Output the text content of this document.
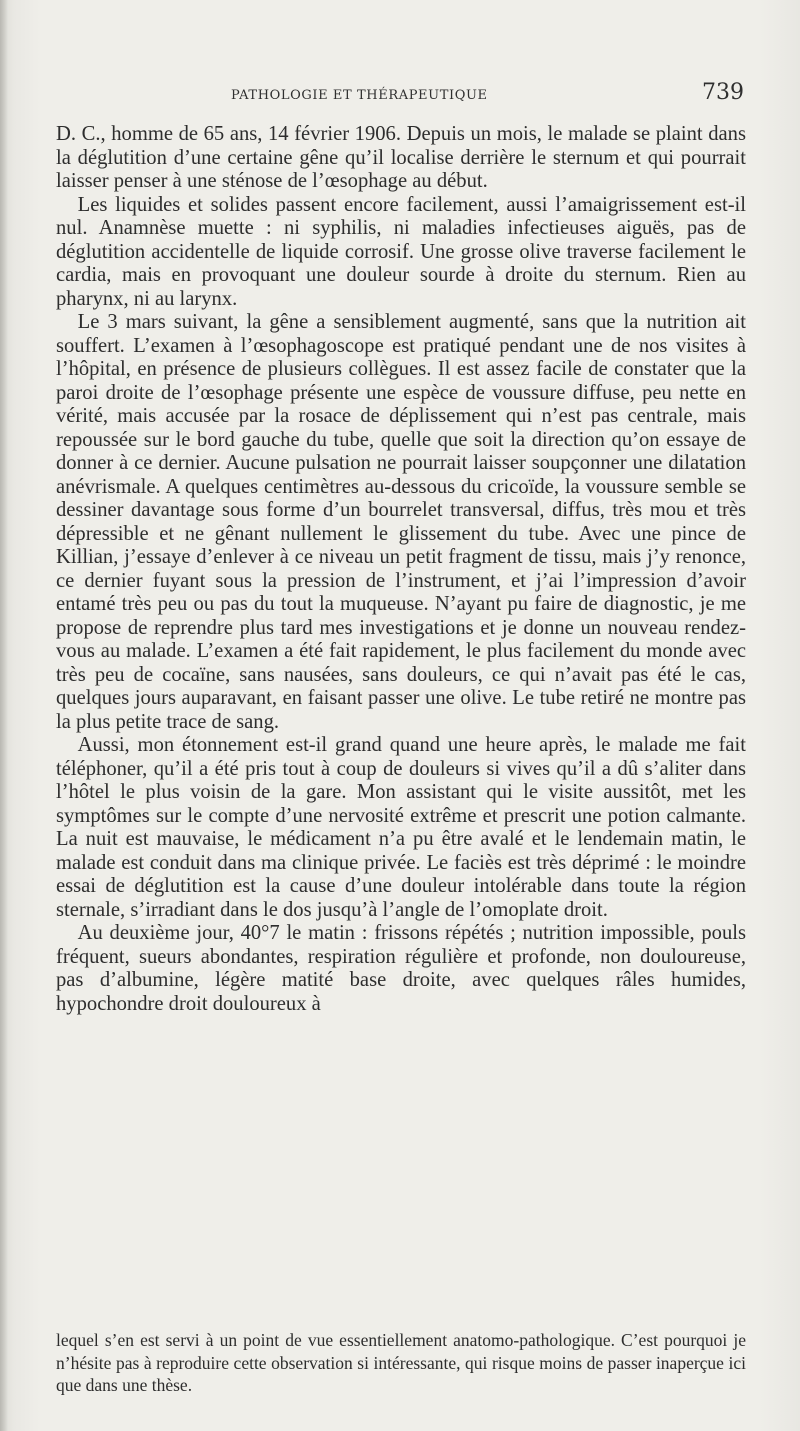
PATHOLOGIE ET THÉRAPEUTIQUE	739

D. C., homme de 65 ans, 14 février 1906. Depuis un mois, le malade se plaint dans la déglutition d’une certaine gêne qu’il localise derrière le sternum et qui pourrait laisser penser à une sténose de l’œsophage au début.

Les liquides et solides passent encore facilement, aussi l’amaigrissement est-il nul. Anamnèse muette : ni syphilis, ni maladies infectieuses aiguës, pas de déglutition accidentelle de liquide corrosif. Une grosse olive traverse facilement le cardia, mais en provoquant une douleur sourde à droite du sternum. Rien au pharynx, ni au larynx.

Le 3 mars suivant, la gêne a sensiblement augmenté, sans que la nutrition ait souffert. L’examen à l’œsophagoscope est pratiqué pendant une de nos visites à l’hôpital, en présence de plusieurs collègues. Il est assez facile de constater que la paroi droite de l’œsophage présente une espèce de voussure diffuse, peu nette en vérité, mais accusée par la rosace de déplissement qui n’est pas centrale, mais repoussée sur le bord gauche du tube, quelle que soit la direction qu’on essaye de donner à ce dernier. Aucune pulsation ne pourrait laisser soupçonner une dilatation anévrismale. A quelques centimètres au-dessous du cricoïde, la voussure semble se dessiner davantage sous forme d’un bourrelet transversal, diffus, très mou et très dépressible et ne gênant nullement le glissement du tube. Avec une pince de Killian, j’essaye d’enlever à ce niveau un petit fragment de tissu, mais j’y renonce, ce dernier fuyant sous la pression de l’instrument, et j’ai l’impression d’avoir entamé très peu ou pas du tout la muqueuse. N’ayant pu faire de diagnostic, je me propose de reprendre plus tard mes investigations et je donne un nouveau rendez-vous au malade. L’examen a été fait rapidement, le plus facilement du monde avec très peu de cocaïne, sans nausées, sans douleurs, ce qui n’avait pas été le cas, quelques jours auparavant, en faisant passer une olive. Le tube retiré ne montre pas la plus petite trace de sang.

Aussi, mon étonnement est-il grand quand une heure après, le malade me fait téléphoner, qu’il a été pris tout à coup de douleurs si vives qu’il a dû s’aliter dans l’hôtel le plus voisin de la gare. Mon assistant qui le visite aussitôt, met les symptômes sur le compte d’une nervosité extrême et prescrit une potion calmante. La nuit est mauvaise, le médicament n’a pu être avalé et le lendemain matin, le malade est conduit dans ma clinique privée. Le faciès est très déprimé : le moindre essai de déglutition est la cause d’une douleur intolérable dans toute la région sternale, s’irradiant dans le dos jusqu’à l’angle de l’omoplate droit.

Au deuxième jour, 40°7 le matin : frissons répétés ; nutrition impossible, pouls fréquent, sueurs abondantes, respiration régulière et profonde, non douloureuse, pas d’albumine, légère matité base droite, avec quelques râles humides, hypochondre droit douloureux à

lequel s’en est servi à un point de vue essentiellement anatomo-pathologique. C’est pourquoi je n’hésite pas à reproduire cette observation si intéressante, qui risque moins de passer inaperçue ici que dans une thèse.
